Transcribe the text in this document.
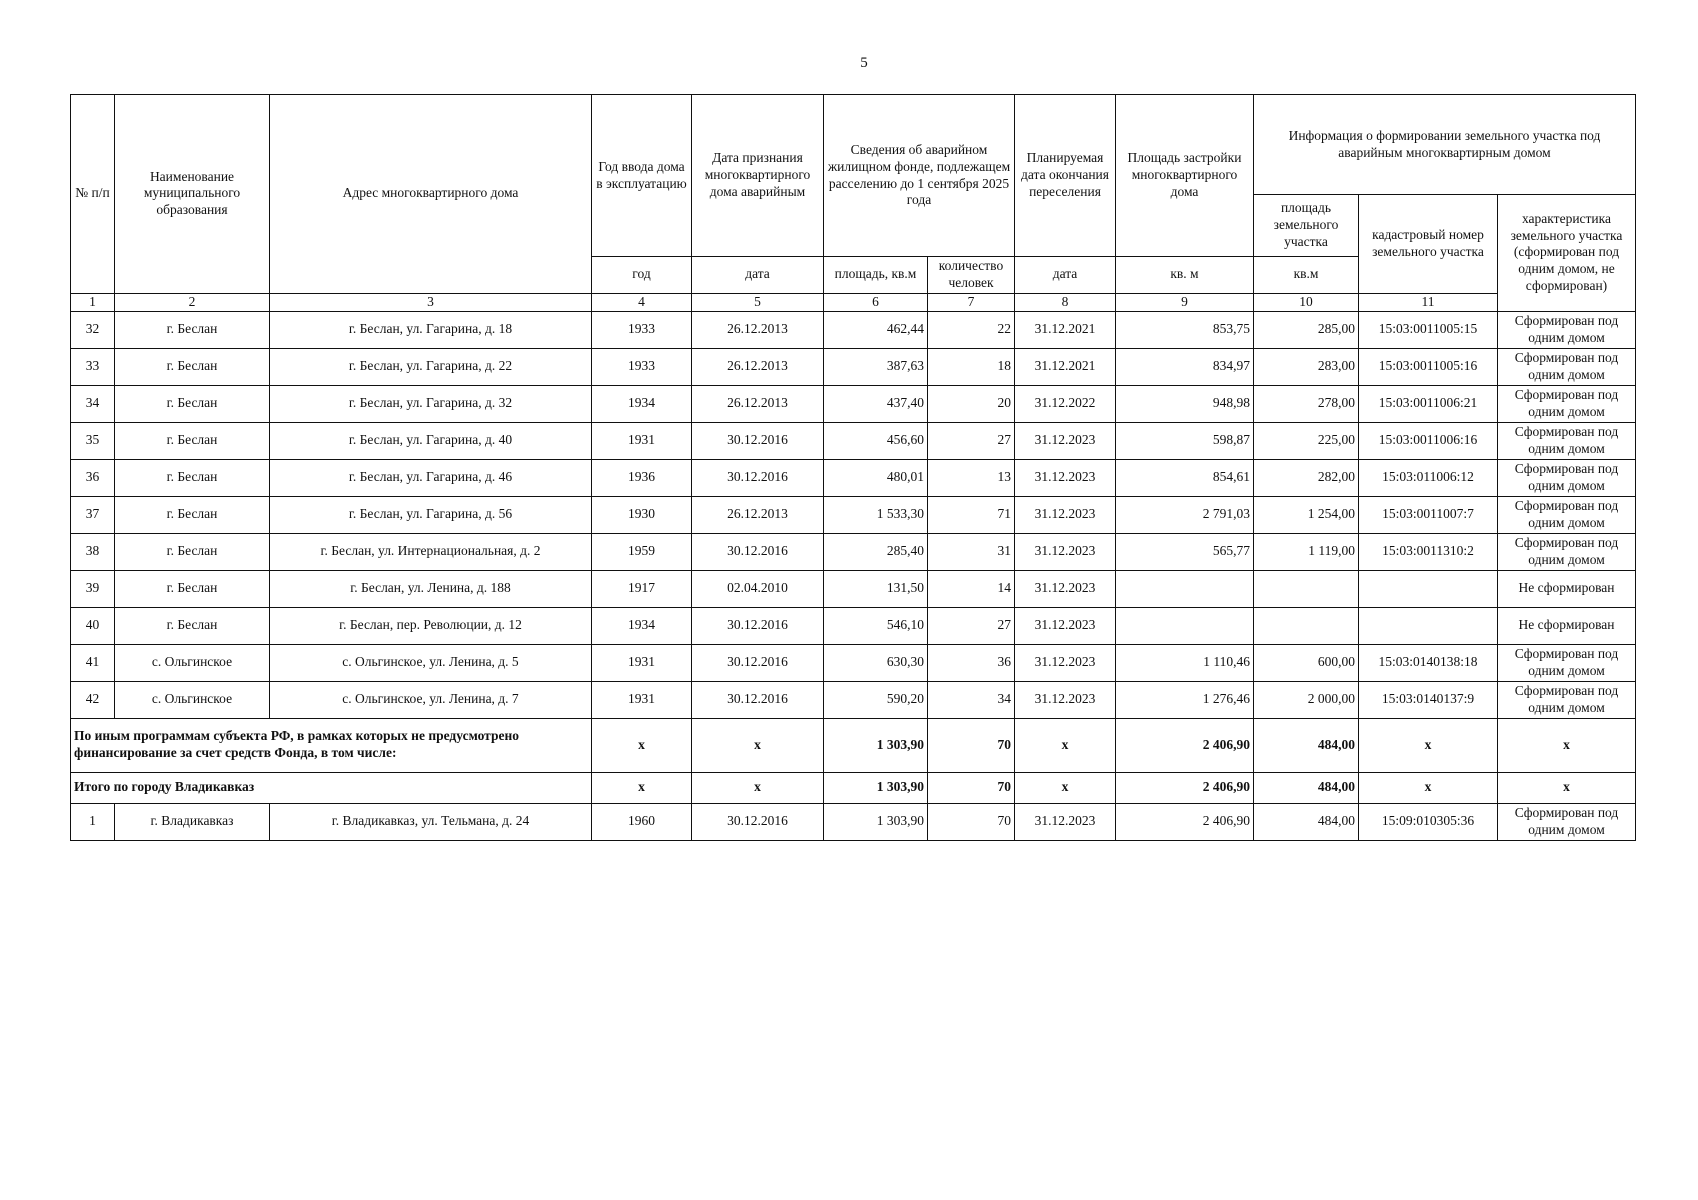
5
№ п/п	Наименование муниципального образования	Адрес многоквартирного дома	Год ввода дома в эксплуатацию	Дата признания многоквартирного дома аварийным	Сведения об аварийном жилищном фонде, подлежащем расселению до 1 сентября 2025 года		Планируемая дата окончания переселения	Площадь застройки многоквартирного дома	Информация о формировании земельного участка под аварийным многоквартирным домом			
									площадь земельного участка	кадастровый номер земельного участка	характеристика земельного участка (сформирован под одним домом, не сформирован)	
			год	дата	площадь, кв.м	количество человек	дата	кв. м	кв.м			
1	2	3	4	5	6	7	8	9	10	11	
32	г. Беслан	г. Беслан, ул. Гагарина, д. 18	1933	26.12.2013	462,44	22	31.12.2021	853,75	285,00	15:03:0011005:15	Сформирован под одним домом	
33	г. Беслан	г. Беслан, ул. Гагарина, д. 22	1933	26.12.2013	387,63	18	31.12.2021	834,97	283,00	15:03:0011005:16	Сформирован под одним домом	
34	г. Беслан	г. Беслан, ул. Гагарина, д. 32	1934	26.12.2013	437,40	20	31.12.2022	948,98	278,00	15:03:0011006:21	Сформирован под одним домом	
35	г. Беслан	г. Беслан, ул. Гагарина, д. 40	1931	30.12.2016	456,60	27	31.12.2023	598,87	225,00	15:03:0011006:16	Сформирован под одним домом	
36	г. Беслан	г. Беслан, ул. Гагарина, д. 46	1936	30.12.2016	480,01	13	31.12.2023	854,61	282,00	15:03:011006:12	Сформирован под одним домом	
37	г. Беслан	г. Беслан, ул. Гагарина, д. 56	1930	26.12.2013	1 533,30	71	31.12.2023	2 791,03	1 254,00	15:03:0011007:7	Сформирован под одним домом	
38	г. Беслан	г. Беслан, ул. Интернациональная, д. 2	1959	30.12.2016	285,40	31	31.12.2023	565,77	1 119,00	15:03:0011310:2	Сформирован под одним домом	
39	г. Беслан	г. Беслан, ул. Ленина, д. 188	1917	02.04.2010	131,50	14	31.12.2023				Не сформирован	
40	г. Беслан	г. Беслан, пер. Революции, д. 12	1934	30.12.2016	546,10	27	31.12.2023				Не сформирован	
41	с. Ольгинское	с. Ольгинское, ул. Ленина, д. 5	1931	30.12.2016	630,30	36	31.12.2023	1 110,46	600,00	15:03:0140138:18	Сформирован под одним домом	
42	с. Ольгинское	с. Ольгинское, ул. Ленина, д. 7	1931	30.12.2016	590,20	34	31.12.2023	1 276,46	2 000,00	15:03:0140137:9	Сформирован под одним домом	
По иным программам субъекта РФ, в рамках которых не предусмотрено финансирование за счет средств Фонда, в том числе:			x	x	1 303,90	70	x	2 406,90	484,00	x	x	
Итого по городу Владикавказ			x	x	1 303,90	70	x	2 406,90	484,00	x	x	
1	г. Владикавказ	г. Владикавказ, ул. Тельмана, д. 24	1960	30.12.2016	1 303,90	70	31.12.2023	2 406,90	484,00	15:09:010305:36	Сформирован под одним домом	
